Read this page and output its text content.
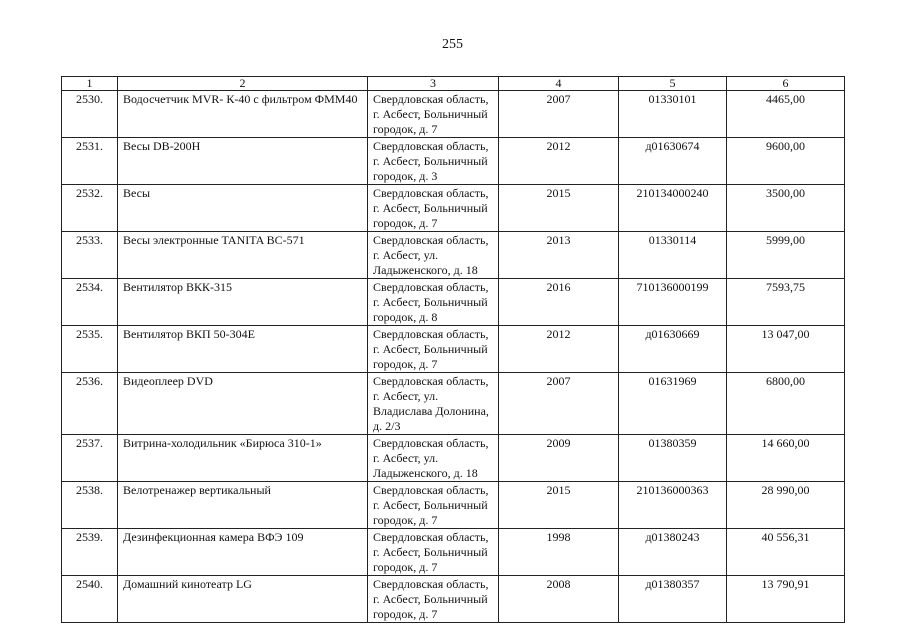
255
1	2	3	4	5	6
2530.	Водосчетчик MVR- К-40 с фильтром ФММ40	Свердловская область, г. Асбест, Больничный городок, д. 7	2007	01330101	4465,00
2531.	Весы DB-200H	Свердловская область, г. Асбест, Больничный городок, д. 3	2012	д01630674	9600,00
2532.	Весы	Свердловская область, г. Асбест, Больничный городок, д. 7	2015	210134000240	3500,00
2533.	Весы электронные TANITA BC-571	Свердловская область, г. Асбест, ул. Ладыженского, д. 18	2013	01330114	5999,00
2534.	Вентилятор ВКК-315	Свердловская область, г. Асбест, Больничный городок, д. 8	2016	710136000199	7593,75
2535.	Вентилятор ВКП 50-304Е	Свердловская область, г. Асбест, Больничный городок, д. 7	2012	д01630669	13 047,00
2536.	Видеоплеер DVD	Свердловская область, г. Асбест, ул. Владислава Долонина, д. 2/3	2007	01631969	6800,00
2537.	Витрина-холодильник «Бирюса 310-1»	Свердловская область, г. Асбест, ул. Ладыженского, д. 18	2009	01380359	14 660,00
2538.	Велотренажер вертикальный	Свердловская область, г. Асбест, Больничный городок, д. 7	2015	210136000363	28 990,00
2539.	Дезинфекционная камера ВФЭ 109	Свердловская область, г. Асбест, Больничный городок, д. 7	1998	д01380243	40 556,31
2540.	Домашний кинотеатр LG	Свердловская область, г. Асбест, Больничный городок, д. 7	2008	д01380357	13 790,91
